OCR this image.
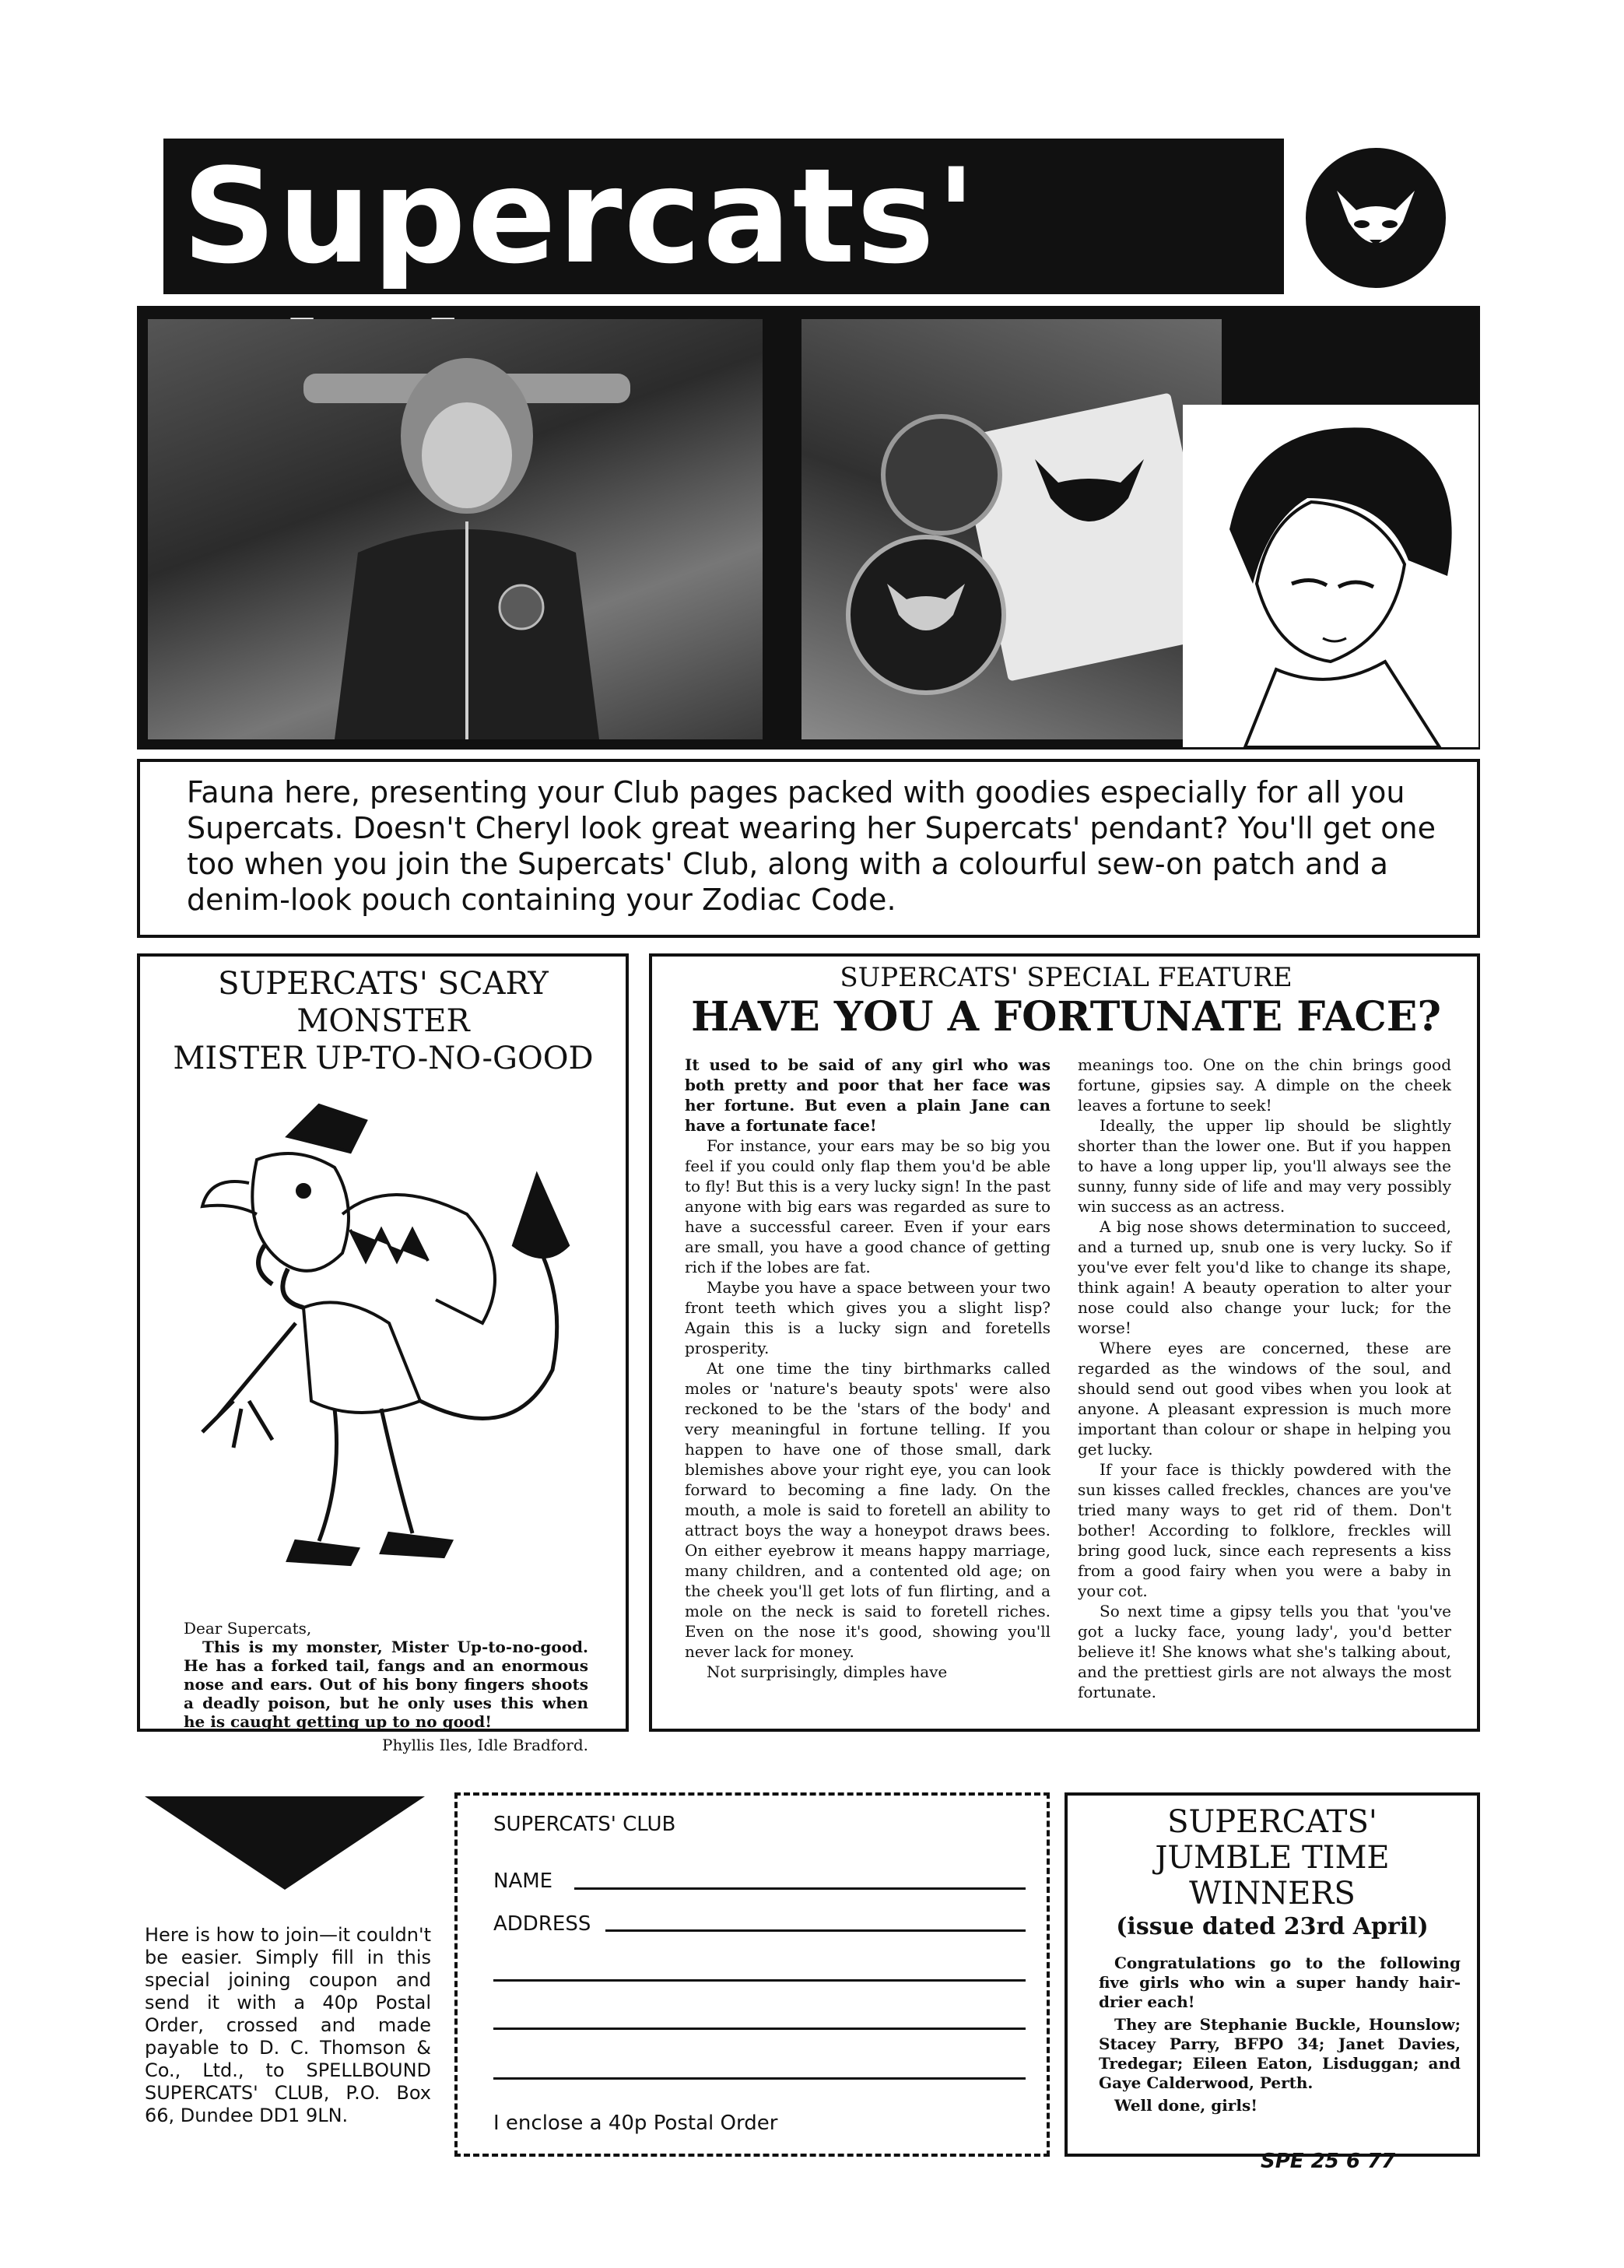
Supercats'
Fauna here, presenting your Club pages packed with goodies especially for all you Supercats. Doesn't Cheryl look great wearing her Supercats' pendant? You'll get one too when you join the Supercats' Club, along with a colourful sew-on patch and a denim-look pouch containing your Zodiac Code.
SUPERCATS' SCARY
MONSTER
MISTER UP-TO-NO-GOOD
Dear Supercats,
This is my monster, Mister Up-to-no-good. He has a forked tail, fangs and an enormous nose and ears. Out of his bony fingers shoots a deadly poison, but he only uses this when he is caught getting up to no good!
Phyllis Iles, Idle Bradford.
SUPERCATS' SPECIAL FEATURE
HAVE YOU A FORTUNATE FACE?

It used to be said of any girl who was both pretty and poor that her face was her fortune. But even a plain Jane can have a fortunate face!

For instance, your ears may be so big you feel if you could only flap them you'd be able to fly! But this is a very lucky sign! In the past anyone with big ears was regarded as sure to have a successful career. Even if your ears are small, you have a good chance of getting rich if the lobes are fat.

Maybe you have a space between your two front teeth which gives you a slight lisp? Again this is a lucky sign and foretells prosperity.

At one time the tiny birthmarks called moles or 'nature's beauty spots' were also reckoned to be the 'stars of the body' and very meaningful in fortune telling. If you happen to have one of those small, dark blemishes above your right eye, you can look forward to becoming a fine lady. On the mouth, a mole is said to foretell an ability to attract boys the way a honeypot draws bees. On either eyebrow it means happy marriage, many children, and a contented old age; on the cheek you'll get lots of fun flirting, and a mole on the neck is said to foretell riches. Even on the nose it's good, showing you'll never lack for money.

Not surprisingly, dimples have

meanings too. One on the chin brings good fortune, gipsies say. A dimple on the cheek leaves a fortune to seek!

Ideally, the upper lip should be slightly shorter than the lower one. But if you happen to have a long upper lip, you'll always see the sunny, funny side of life and may very possibly win success as an actress.

A big nose shows determination to succeed, and a turned up, snub one is very lucky. So if you've ever felt you'd like to change its shape, think again! A beauty operation to alter your nose could also change your luck; for the worse!

Where eyes are concerned, these are regarded as the windows of the soul, and should send out good vibes when you look at anyone. A pleasant expression is much more important than colour or shape in helping you get lucky.

If your face is thickly powdered with the sun kisses called freckles, chances are you've tried many ways to get rid of them. Don't bother! According to folklore, freckles will bring good luck, since each represents a kiss from a good fairy when you were a baby in your cot.

So next time a gipsy tells you that 'you've got a lucky face, young lady', you'd better believe it! She knows what she's talking about, and the prettiest girls are not always the most fortunate.

Here is how to join—it couldn't be easier. Simply fill in this special joining coupon and send it with a 40p Postal Order, crossed and made payable to D. C. Thomson & Co., Ltd., to SPELLBOUND SUPERCATS' CLUB, P.O. Box 66, Dundee DD1 9LN.
SUPERCATS' CLUB
NAME
ADDRESS
I enclose a 40p Postal Order
SUPERCATS'
JUMBLE TIME
WINNERS
(issue dated 23rd April)

Congratulations go to the following five girls who win a super handy hair-drier each!

They are Stephanie Buckle, Hounslow; Stacey Parry, BFPO 34; Janet Davies, Tredegar; Eileen Eaton, Lisduggan; and Gaye Calderwood, Perth.

Well done, girls!

SPE 25 6 77
